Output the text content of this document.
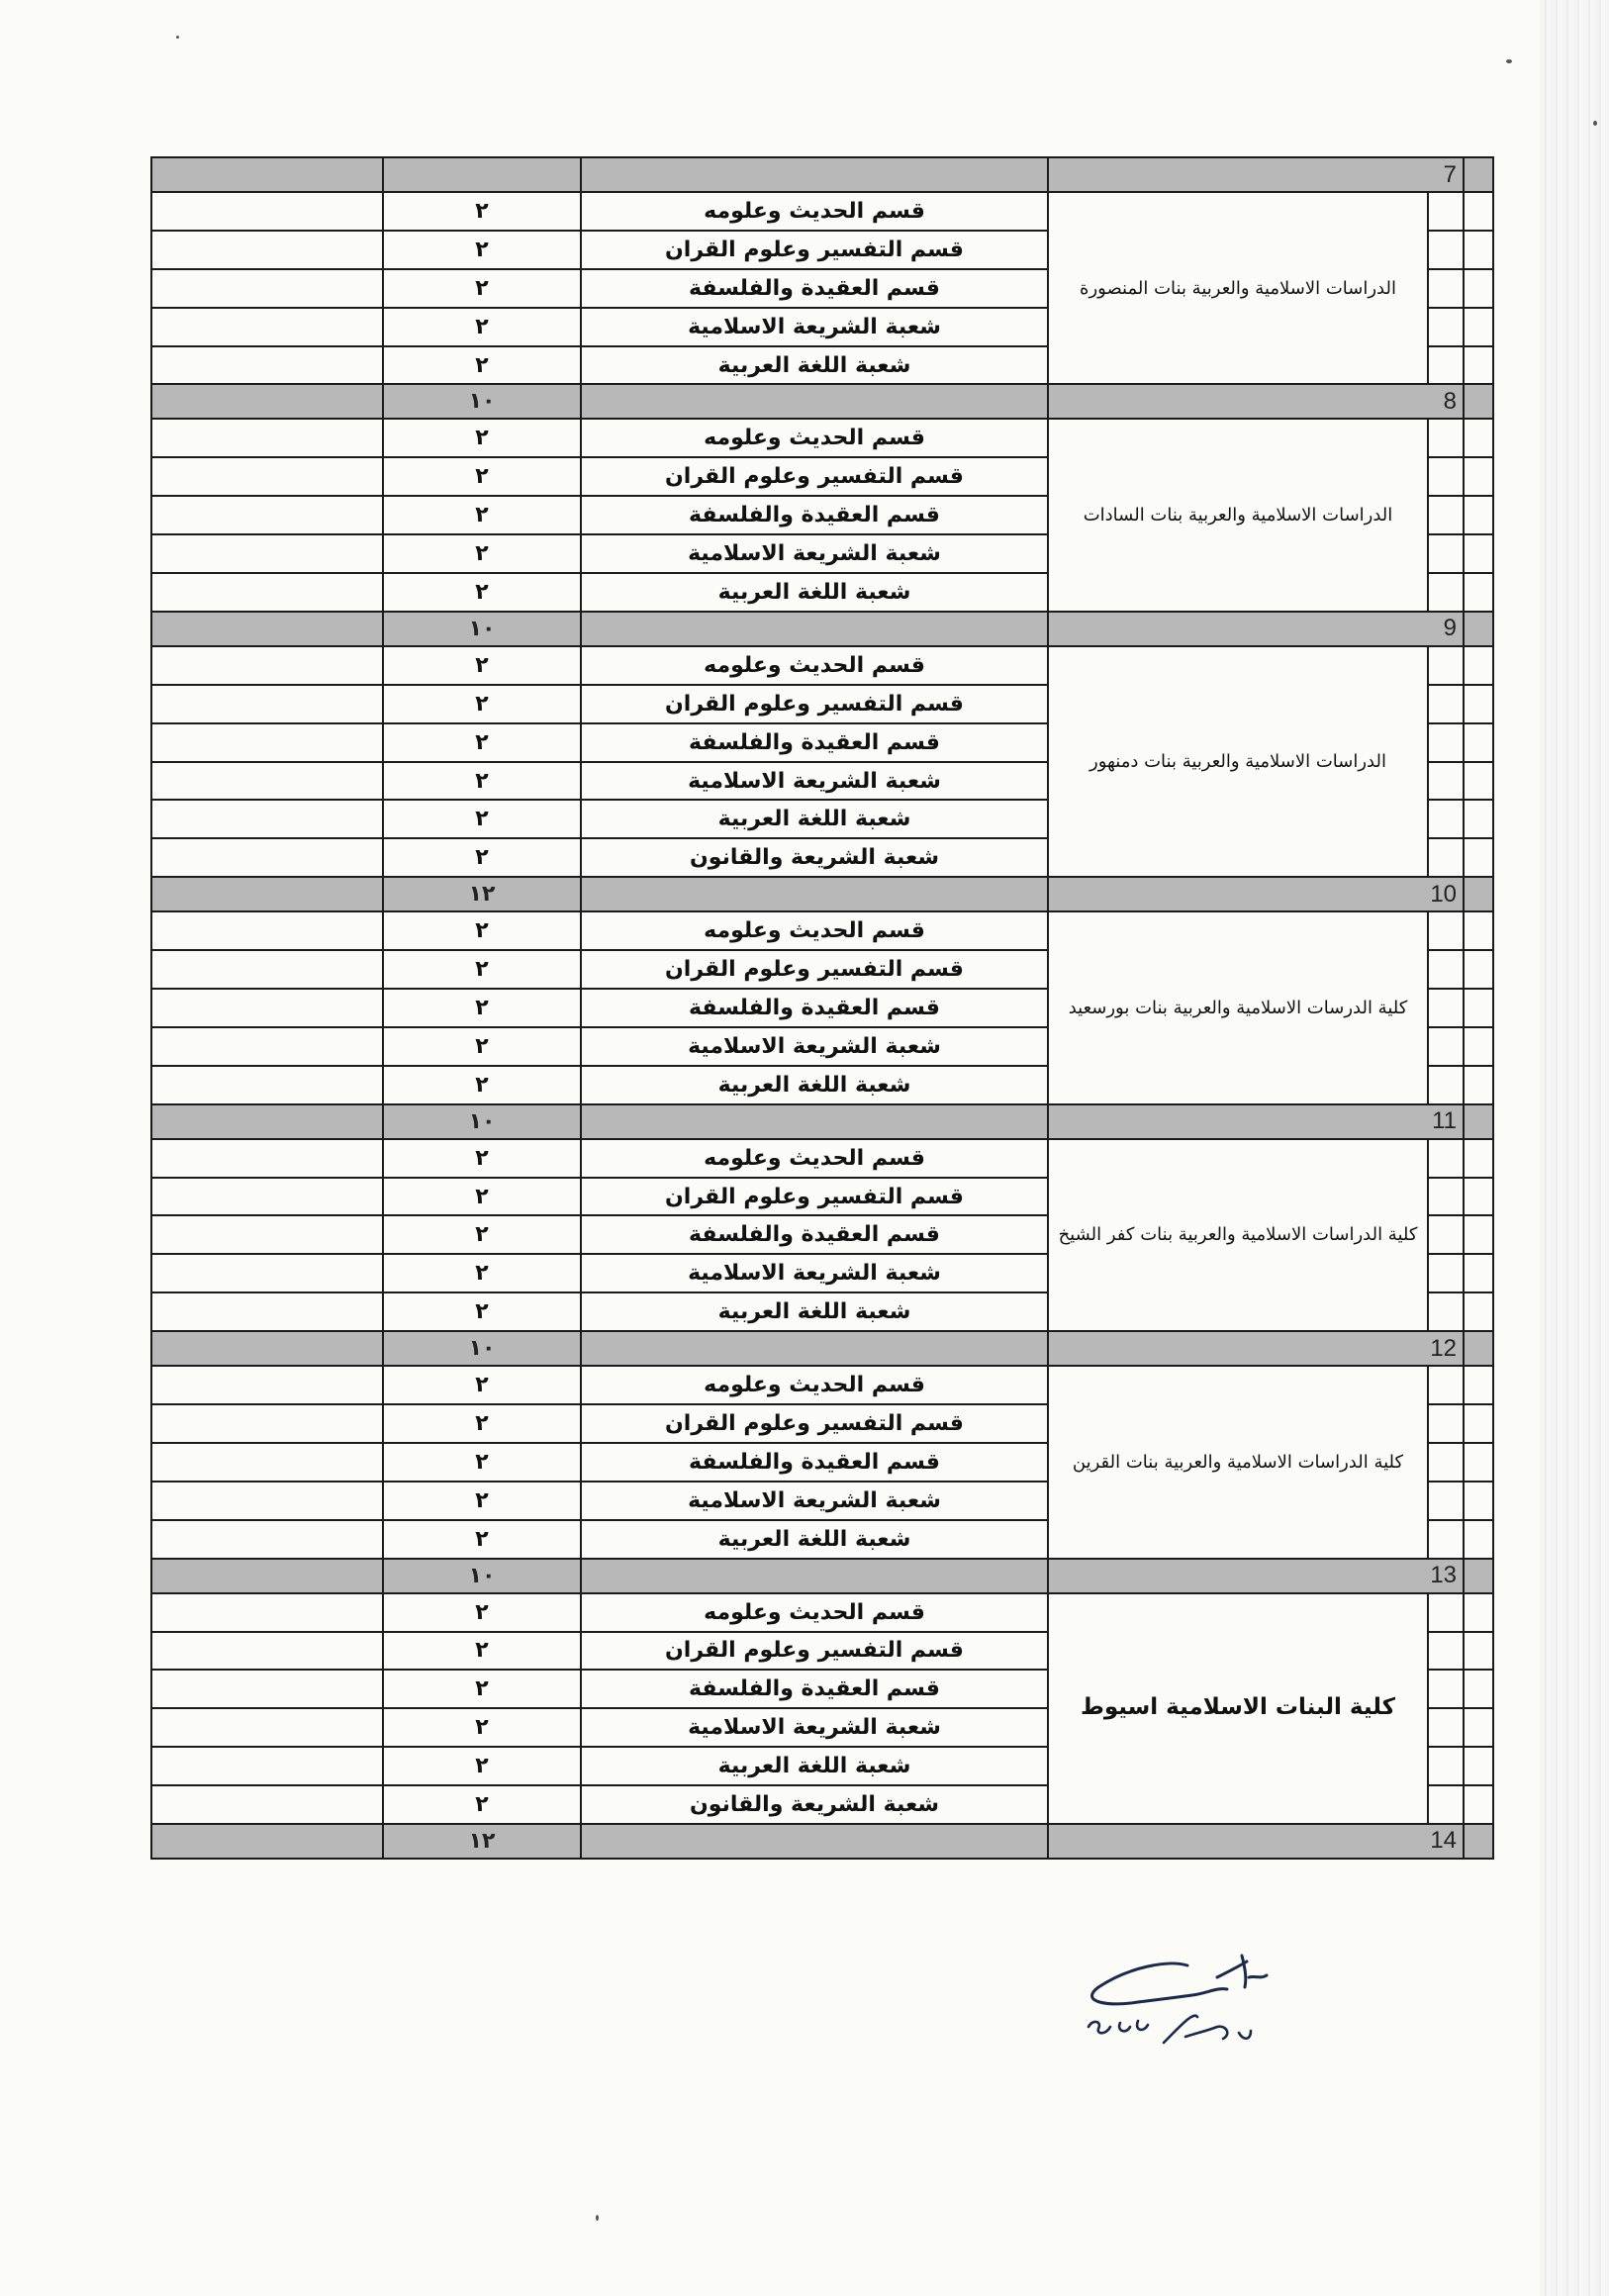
			7		
	٢	قسم الحديث وعلومه	الدراسات الاسلامية والعربية بنات المنصورة		
	٢	قسم التفسير وعلوم القران			
	٢	قسم العقيدة والفلسفة			
	٢	شعبة الشريعة الاسلامية			
	٢	شعبة اللغة العربية			
	١٠		8		
	٢	قسم الحديث وعلومه	الدراسات الاسلامية والعربية بنات السادات		
	٢	قسم التفسير وعلوم القران			
	٢	قسم العقيدة والفلسفة			
	٢	شعبة الشريعة الاسلامية			
	٢	شعبة اللغة العربية			
	١٠		9		
	٢	قسم الحديث وعلومه	الدراسات الاسلامية والعربية بنات دمنهور		
	٢	قسم التفسير وعلوم القران			
	٢	قسم العقيدة والفلسفة			
	٢	شعبة الشريعة الاسلامية			
	٢	شعبة اللغة العربية			
	٢	شعبة الشريعة والقانون			
	١٢		10		
	٢	قسم الحديث وعلومه	كلية الدرسات الاسلامية والعربية بنات بورسعيد		
	٢	قسم التفسير وعلوم القران			
	٢	قسم العقيدة والفلسفة			
	٢	شعبة الشريعة الاسلامية			
	٢	شعبة اللغة العربية			
	١٠		11		
	٢	قسم الحديث وعلومه	كلية الدراسات الاسلامية والعربية بنات كفر الشيخ		
	٢	قسم التفسير وعلوم القران			
	٢	قسم العقيدة والفلسفة			
	٢	شعبة الشريعة الاسلامية			
	٢	شعبة اللغة العربية			
	١٠		12		
	٢	قسم الحديث وعلومه	كلية الدراسات الاسلامية والعربية بنات القرين		
	٢	قسم التفسير وعلوم القران			
	٢	قسم العقيدة والفلسفة			
	٢	شعبة الشريعة الاسلامية			
	٢	شعبة اللغة العربية			
	١٠		13		
	٢	قسم الحديث وعلومه	كلية البنات الاسلامية اسيوط		
	٢	قسم التفسير وعلوم القران			
	٢	قسم العقيدة والفلسفة			
	٢	شعبة الشريعة الاسلامية			
	٢	شعبة اللغة العربية			
	٢	شعبة الشريعة والقانون			
	١٢		14		
